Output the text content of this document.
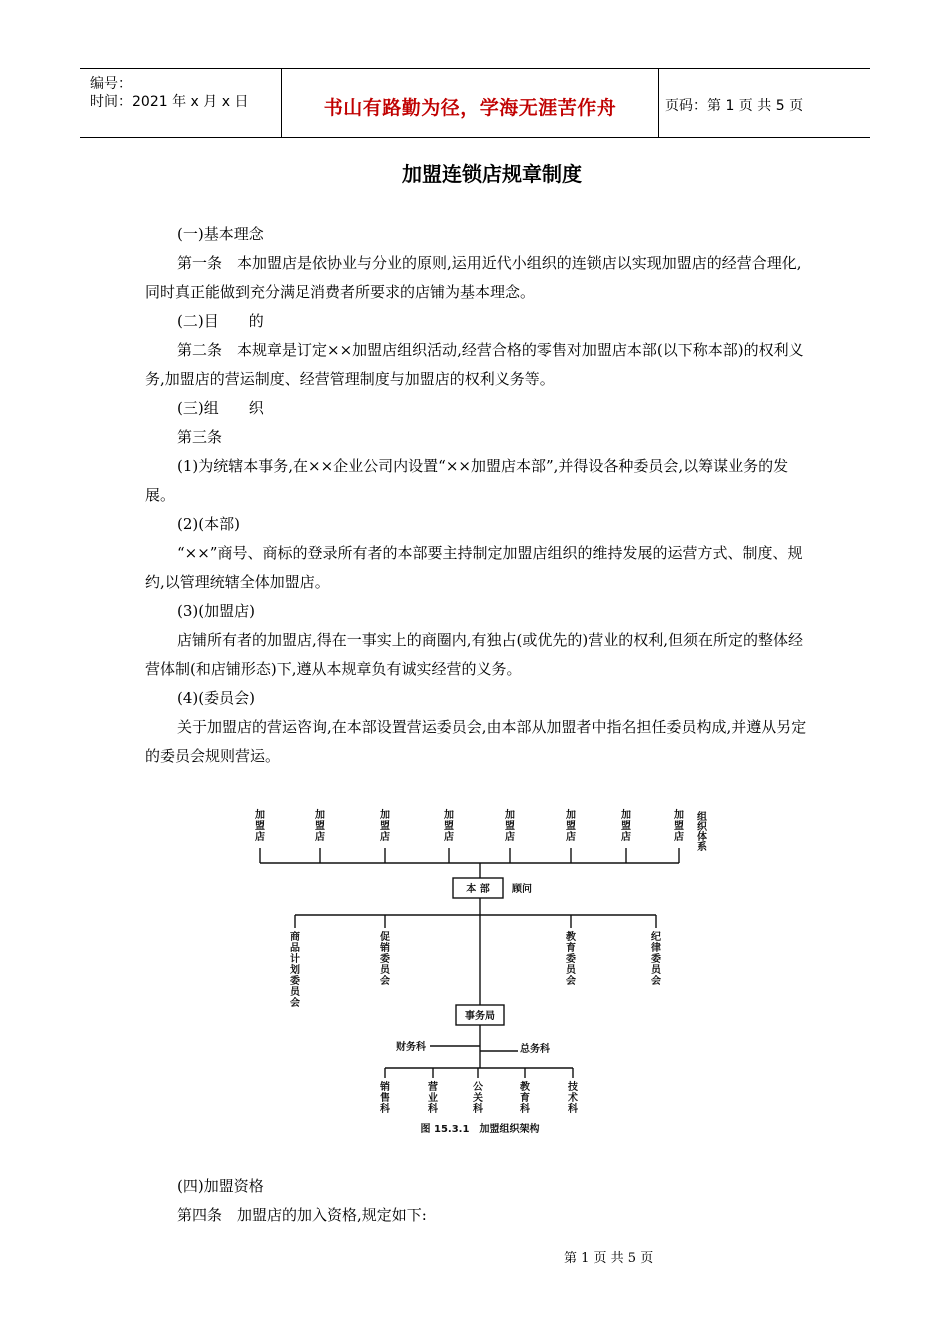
编号：
时间：2021 年 x 月 x 日	书山有路勤为径，学海无涯苦作舟	页码：第 1 页 共 5 页
加盟连锁店规章制度

(一)基本理念

第一条　本加盟店是依协业与分业的原则,运用近代小组织的连锁店以实现加盟店的经营合理化,同时真正能做到充分满足消费者所要求的店铺为基本理念。

(二)目　　的

第二条　本规章是订定××加盟店组织活动,经营合格的零售对加盟店本部(以下称本部)的权利义务,加盟店的营运制度、经营管理制度与加盟店的权利义务等。

(三)组　　织

第三条

(1)为统辖本事务,在××企业公司内设置“××加盟店本部”,并得设各种委员会,以筹谋业务的发展。

(2)(本部)

“××”商号、商标的登录所有者的本部要主持制定加盟店组织的维持发展的运营方式、制度、规约,以管理统辖全体加盟店。

(3)(加盟店)

店铺所有者的加盟店,得在一事实上的商圈内,有独占(或优先的)营业的权利,但须在所定的整体经营体制(和店铺形态)下,遵从本规章负有诚实经营的义务。

(4)(委员会)

关于加盟店的营运咨询,在本部设置营运委员会,由本部从加盟者中指名担任委员构成,并遵从另定的委员会规则营运。

加
盟
店
加
盟
店
加
盟
店
加
盟
店
加
盟
店
加
盟
店
加
盟
店
加
盟
店
组
织
体
系
本 部 顾问
商
品
计
划
委
员
会
促
销
委
员
会
教
育
委
员
会
纪
律
委
员
会
事务局
财务科	总务科
销
售
科
营
业
科
公
关
科
教
育
科
技
术
科
图 15.3.1　加盟组织架构

(四)加盟资格

第四条　加盟店的加入资格,规定如下:

第 1 页 共 5 页
